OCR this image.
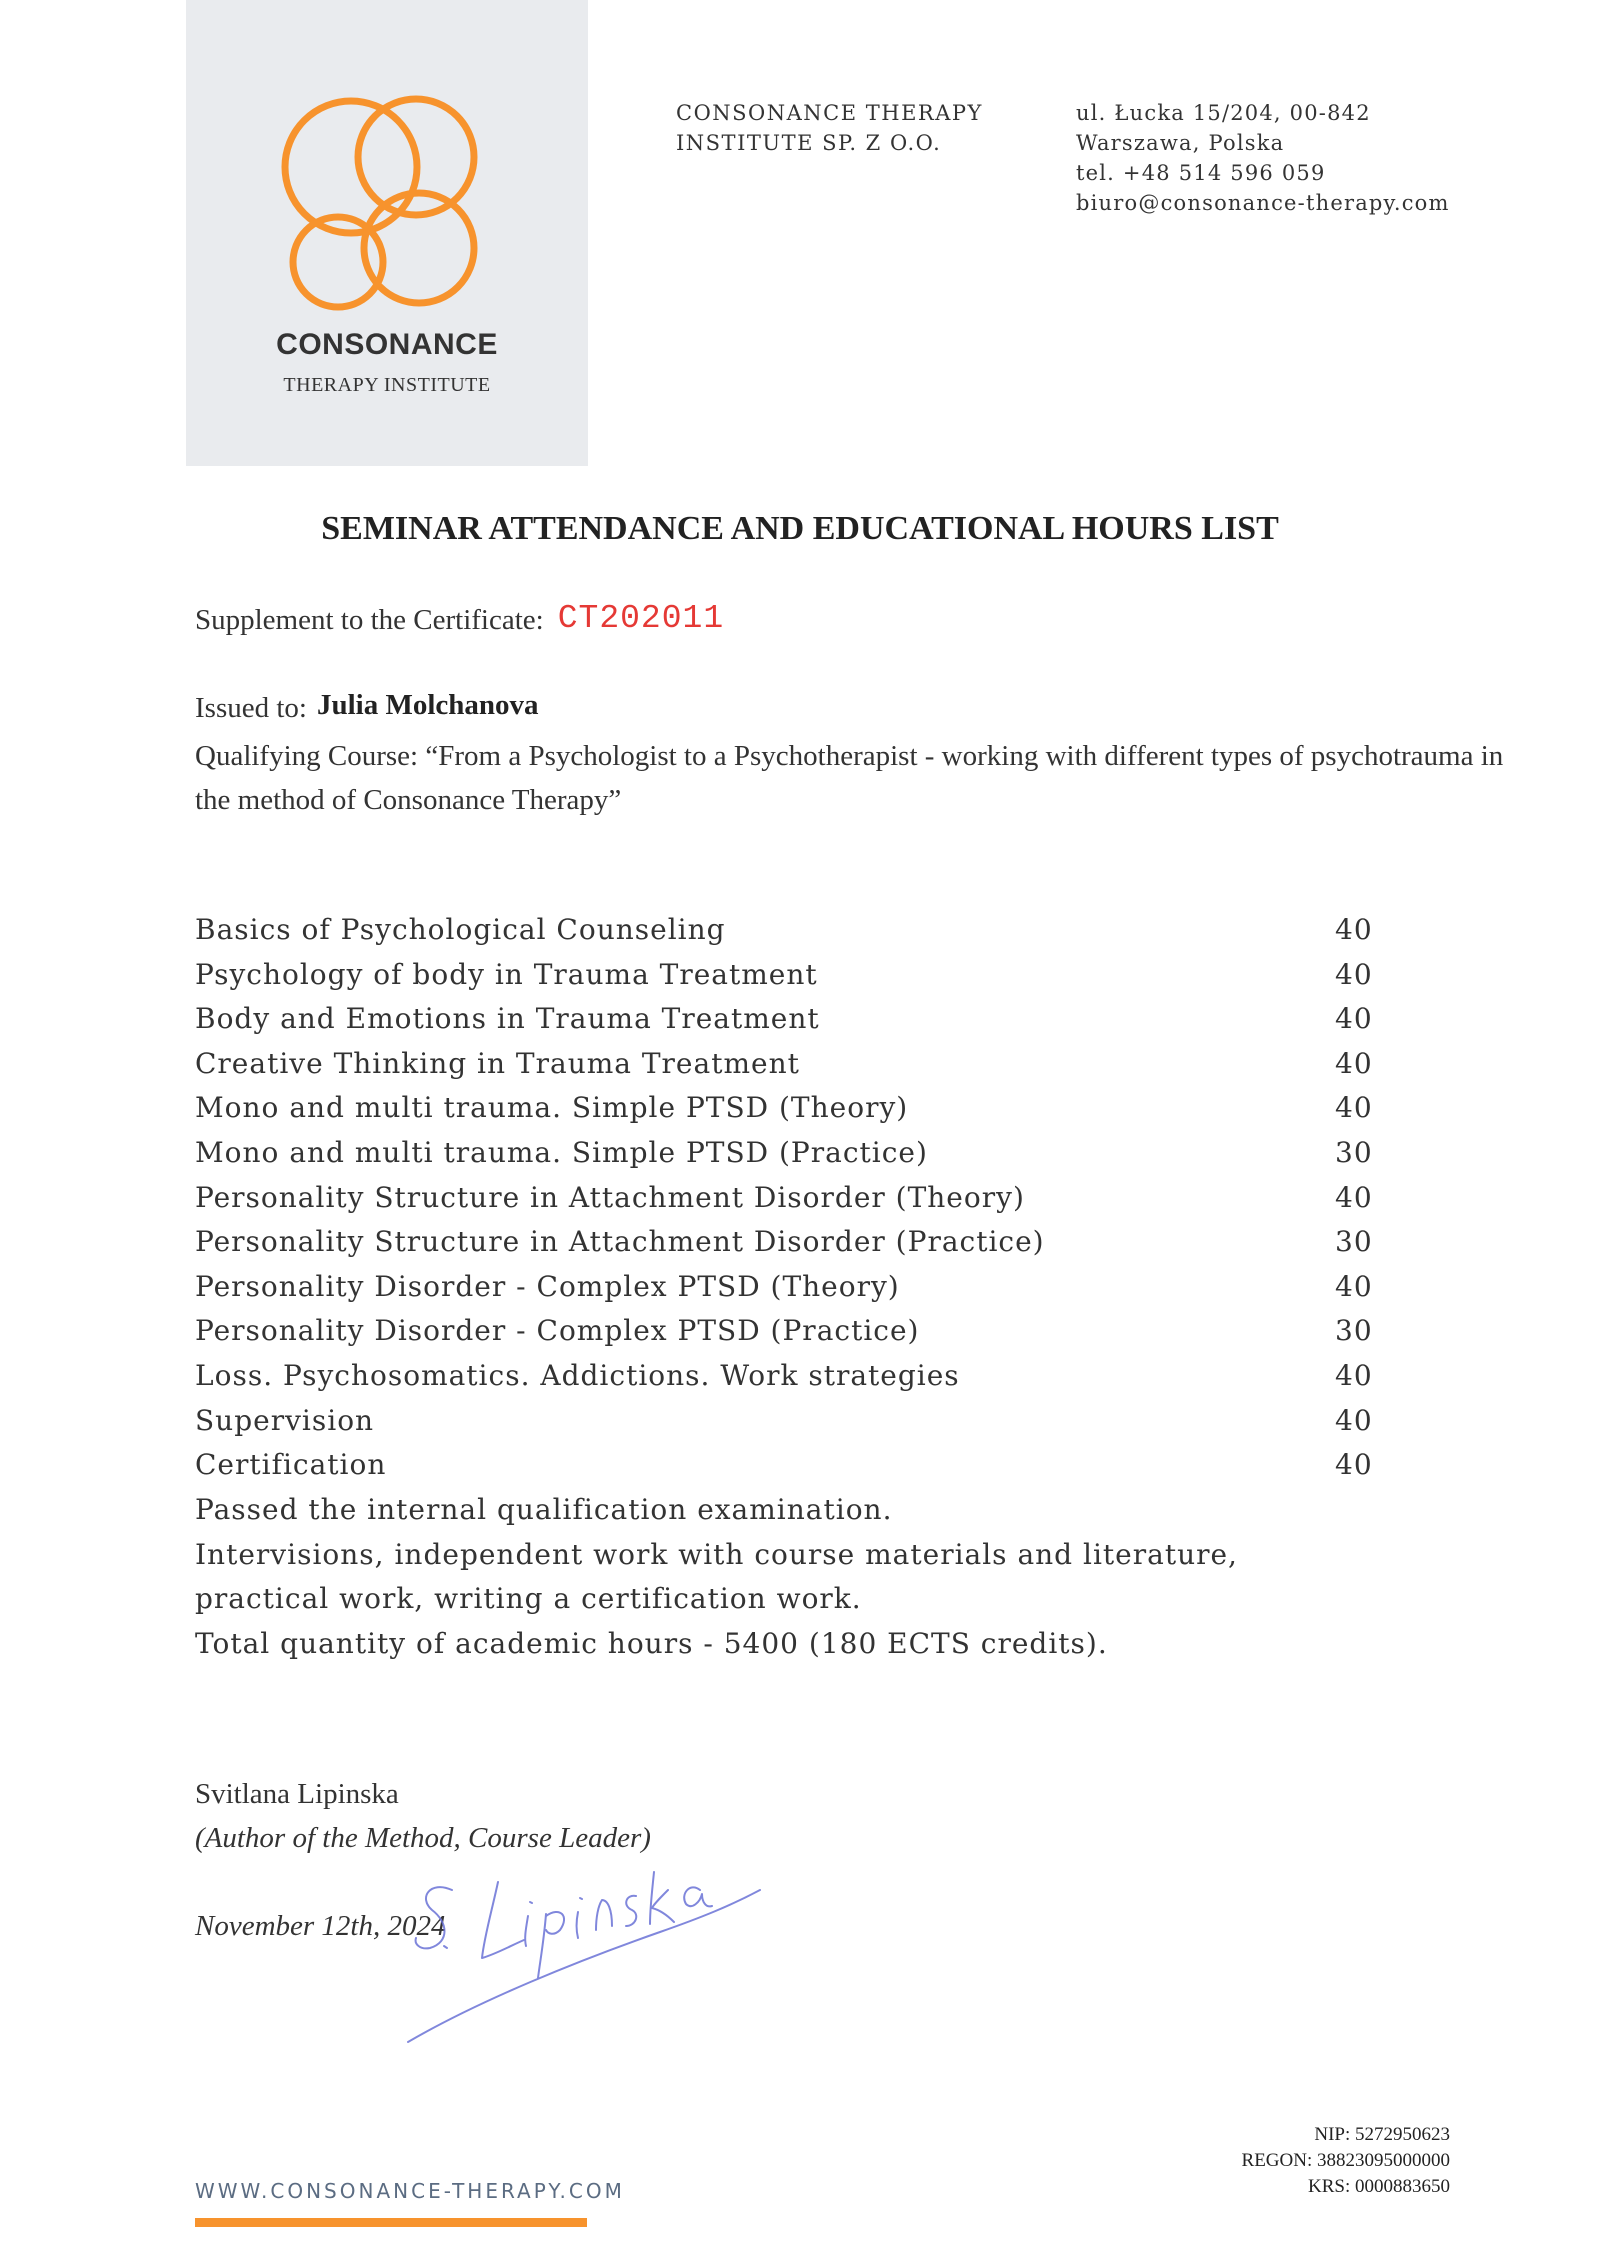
CONSONANCE
THERAPY INSTITUTE
CONSONANCE THERAPY
INSTITUTE SP. Z O.O.
ul. Łucka 15/204, 00-842
Warszawa, Polska
tel. +48 514 596 059
biuro@consonance-therapy.com
SEMINAR ATTENDANCE AND EDUCATIONAL HOURS LIST
Supplement to the Certificate: CT202011
Issued to: Julia Molchanova
Qualifying Course: “From a Psychologist to a Psychotherapist - working with different types of psychotrauma in the method of Consonance Therapy”
Basics of Psychological Counseling	40
Psychology of body in Trauma Treatment	40
Body and Emotions in Trauma Treatment	40
Creative Thinking in Trauma Treatment	40
Mono and multi trauma. Simple PTSD (Theory)	40
Mono and multi trauma. Simple PTSD (Practice)	30
Personality Structure in Attachment Disorder (Theory)	40
Personality Structure in Attachment Disorder (Practice)	30
Personality Disorder - Complex PTSD (Theory)	40
Personality Disorder - Complex PTSD (Practice)	30
Loss. Psychosomatics. Addictions. Work strategies	40
Supervision	40
Certification	40
Passed the internal qualification examination.
Intervisions, independent work with course materials and literature,
practical work, writing a certification work.
Total quantity of academic hours - 5400 (180 ECTS credits).
Svitlana Lipinska
(Author of the Method, Course Leader)
November 12th, 2024
NIP: 5272950623
REGON: 38823095000000
KRS: 0000883650
WWW.CONSONANCE-THERAPY.COM
